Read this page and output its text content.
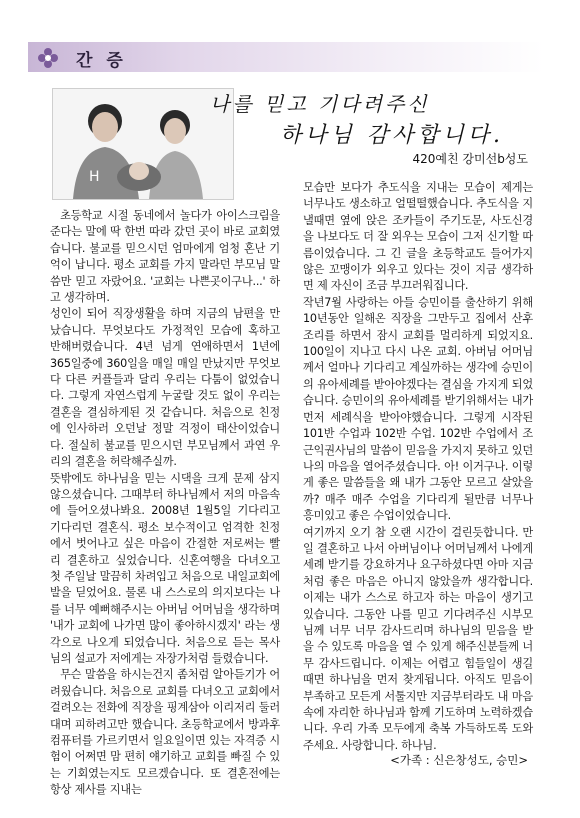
간 증
H
나를 믿고 기다려주신
하나님 감사합니다.
420예친 강미선b성도

초등학교 시절 동네에서 놀다가 아이스크림을 준다는 말에 딱 한번 따라 갔던 곳이 바로 교회였습니다. 불교를 믿으시던 엄마에게 엄청 혼난 기억이 납니다. 평소 교회를 가지 말라던 부모님 말씀만 믿고 자랐어요. '교회는 나쁜곳이구나...' 하고 생각하며.

성인이 되어 직장생활을 하며 지금의 남편을 만났습니다. 무엇보다도 가정적인 모습에 혹하고 반해버렸습니다. 4년 넘게 연애하면서 1년에 365일중에 360일을 매일 매일 만났지만 무엇보다 다른 커플들과 달리 우리는 다툼이 없었습니다. 그렇게 자연스럽게 누굴랄 것도 없이 우리는 결혼을 결심하게된 것 같습니다. 처음으로 친정에 인사하러 오던날 정말 걱정이 태산이었습니다. 절실히 불교를 믿으시던 부모님께서 과연 우리의 결혼을 허락해주실까.

뜻밖에도 하나님을 믿는 시댁을 크게 문제 삼지 않으셨습니다. 그때부터 하나님께서 저의 마음속에 들어오셨나봐요. 2008년 1월5일 기다리고 기다리던 결혼식. 평소 보수적이고 엄격한 친정에서 벗어나고 싶은 마음이 간절한 저로써는 빨리 결혼하고 싶었습니다. 신혼여행을 다녀오고 첫 주일날 말끔히 차려입고 처음으로 내일교회에 발을 딛었어요. 물론 내 스스로의 의지보다는 나를 너무 예뻐해주시는 아버님 어머님을 생각하며 '내가 교회에 나가면 많이 좋아하시겠지' 라는 생각으로 나오게 되었습니다. 처음으로 듣는 목사님의 설교가 저에게는 자장가처럼 들렸습니다.

무슨 말씀을 하시는건지 좀처럼 알아듣기가 어려웠습니다. 처음으로 교회를 다녀오고 교회에서 걸려오는 전화에 직장을 핑계삼아 이리저리 둘러대며 피하려고만 했습니다. 초등학교에서 방과후 컴퓨터를 가르키면서 일요일이면 있는 자격증 시험이 어쩌면 맘 편히 얘기하고 교회를 빠질 수 있는 기회였는지도 모르겠습니다. 또 결혼전에는 항상 제사를 지내는

모습만 보다가 추도식을 지내는 모습이 제게는 너무나도 생소하고 얼떨떨했습니다. 추도식을 지낼때면 옆에 앉은 조카들이 주기도문, 사도신경을 나보다도 더 잘 외우는 모습이 그저 신기할 따름이었습니다. 그 긴 글을 초등학교도 들어가지 않은 꼬맹이가 외우고 있다는 것이 지금 생각하면 제 자신이 조금 부끄러워집니다.

작년7월 사랑하는 아들 승민이를 출산하기 위해 10년동안 일해온 직장을 그만두고 집에서 산후조리를 하면서 잠시 교회를 멀리하게 되었지요. 100일이 지나고 다시 나온 교회. 아버님 어머님께서 얼마나 기다리고 계실까하는 생각에 승민이의 유아세례를 받아야겠다는 결심을 가지게 되었습니다. 승민이의 유아세례를 받기위해서는 내가 먼저 세례식을 받아야했습니다. 그렇게 시작된 101반 수업과 102반 수업. 102반 수업에서 조근익권사님의 말씀이 믿음을 가지지 못하고 있던 나의 마음을 열어주셨습니다. 아! 이거구나. 이렇게 좋은 말씀들을 왜 내가 그동안 모르고 살았을까? 매주 매주 수업을 기다리게 될만큼 너무나 흥미있고 좋은 수업이었습니다.

여기까지 오기 참 오랜 시간이 걸린듯합니다. 만일 결혼하고 나서 아버님이나 어머님께서 나에게 세례 받기를 강요하거나 요구하셨다면 아마 지금처럼 좋은 마음은 아니지 않았을까 생각합니다. 이제는 내가 스스로 하고자 하는 마음이 생기고 있습니다. 그동안 나를 믿고 기다려주신 시부모님께 너무 너무 감사드리며 하나님의 믿음을 받을 수 있도록 마음을 열 수 있게 해주신분들께 너무 감사드립니다. 이제는 어렵고 힘들일이 생길때면 하나님을 먼저 찾게됩니다. 아직도 믿음이 부족하고 모든게 서툴지만 지금부터라도 내 마음속에 자리한 하나님과 함께 기도하며 노력하겠습니다. 우리 가족 모두에게 축복 가득하도록 도와주세요. 사랑합니다. 하나님.

<가족 : 신은창성도, 승민>
